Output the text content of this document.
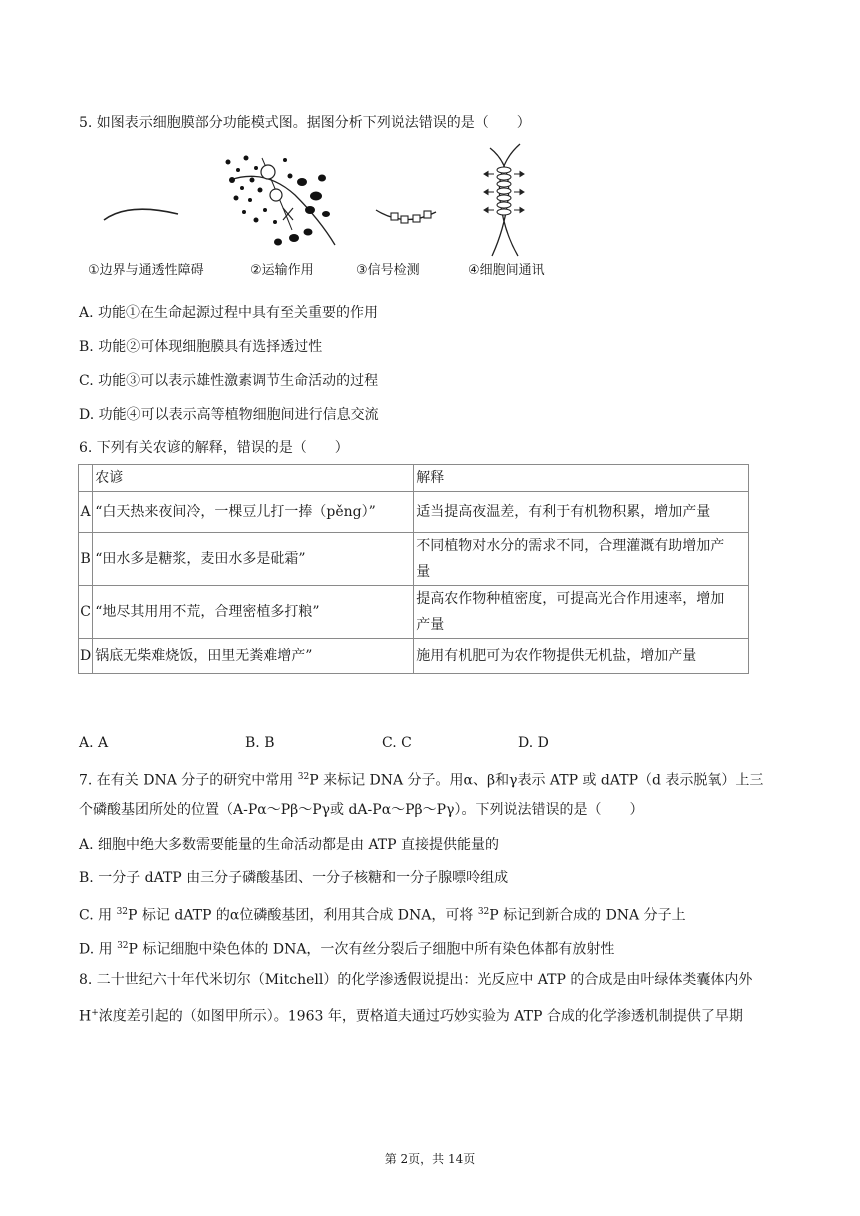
5. 如图表示细胞膜部分功能模式图。据图分析下列说法错误的是（　　）
①边界与通透性障碍	②运输作用	③信号检测	④细胞间通讯
A. 功能①在生命起源过程中具有至关重要的作用
B. 功能②可体现细胞膜具有选择透过性
C. 功能③可以表示雄性激素调节生命活动的过程
D. 功能④可以表示高等植物细胞间进行信息交流
6. 下列有关农谚的解释，错误的是（　　）
	农谚	解释
A	“白天热来夜间冷，一棵豆儿打一捧（pěng）”	适当提高夜温差，有利于有机物积累，增加产量
B	“田水多是糖浆，麦田水多是砒霜”	不同植物对水分的需求不同，合理灌溉有助增加产
量

C	“地尽其用用不荒，合理密植多打粮”	提高农作物种植密度，可提高光合作用速率，增加
产量

D	锅底无柴难烧饭，田里无粪难增产”	施用有机肥可为农作物提供无机盐，增加产量
A. A	B. B	C. C	D. D
7. 在有关 DNA 分子的研究中常用 $^{32}$P 来标记 DNA 分子。用α、β和γ表示 ATP 或 dATP（d 表示脱氧）上三
个磷酸基团所处的位置（A-Pα～Pβ～Pγ或 dA-Pα～Pβ～Pγ）。下列说法错误的是（　　）
A. 细胞中绝大多数需要能量的生命活动都是由 ATP 直接提供能量的
B. 一分子 dATP 由三分子磷酸基团、一分子核糖和一分子腺嘌呤组成
C. 用 $^{32}$P 标记 dATP 的α位磷酸基团，利用其合成 DNA，可将 $^{32}$P 标记到新合成的 DNA 分子上
D. 用 $^{32}$P 标记细胞中染色体的 DNA，一次有丝分裂后子细胞中所有染色体都有放射性
8. 二十世纪六十年代米切尔（Mitchell）的化学渗透假说提出：光反应中 ATP 的合成是由叶绿体类囊体内外
H+浓度差引起的（如图甲所示）。1963 年，贾格道夫通过巧妙实验为 ATP 合成的化学渗透机制提供了早期
第 2页，共 14页
